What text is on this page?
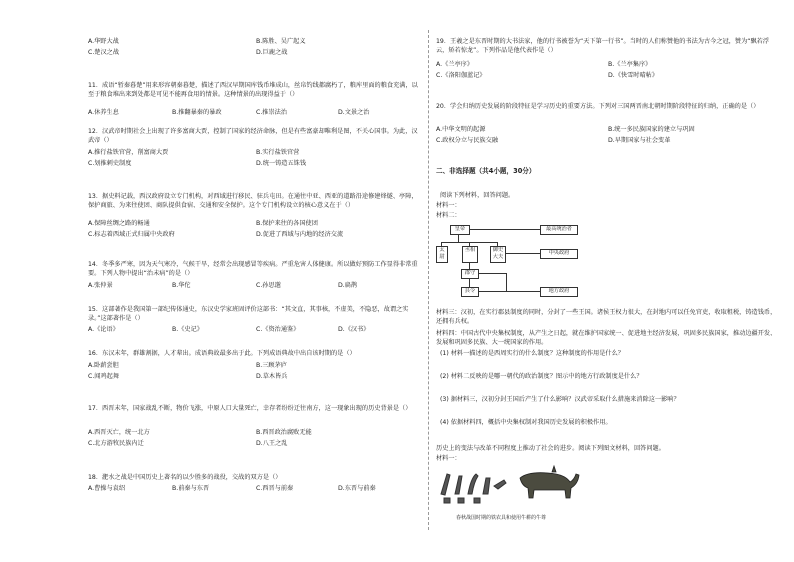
A.华野大战	B.陈胜、吴广起义
C.楚汉之战	D.巨鹿之战
11．成语“暂秦暮楚”用来形容朝秦暮楚，描述了西汉早期国库钱币堆成山，丝帛钓线都腐朽了，粮库里面的粮食充满，以至于粮食堆出来到处都是可见不能再食用的情景。这种情景的出现得益于（）
A.休养生息	B.推翻暴秦的暴政	C.推崇法治	D.文景之治
12．汉武帝时期社会上出现了许多富商大贾，控制了国家的经济命脉，但是有些富豪却唯利是图，不关心国事。为此，汉武帝（）
A.推行盐铁官营，削富商大贾	B.实行盐铁官营
C.划推刺史制度	D.统一铸造五铢钱
13．据史料记载，西汉政府设立专门机构，对西域进行移民、驻兵屯田。在通往中亚、西亚的道路沿途修建烽燧、亭障，保护商旅、为来往使团、商队提供食宿、交通和安全保护。这个专门机构设立的核心意义在于（）
A.保障丝绸之路的畅通	B.保护来往的各国使团
C.标志着西域正式归属中央政府	D.促进了西域与内地的经济交流
14．冬季多严寒，因为天气寒冷，气候干旱，经常会出现感冒等疾病。严重危害人体健康。所以做好预防工作显得非常重要。下列人物中提出“治未病”的是（）
A.张仲景	B.华佗	C.孙思邈	D.扁鹊
15．这部著作是我国第一部纪传体通史，东汉史学家班固评价这部书：“其文直，其事核，不虚美，不隐恶，故谓之实录。”这部著作是（）
A.《论语》	B.《史记》	C.《资治通鉴》	D.《汉书》
16．东汉末年，群雄割据，人才辈出。成语典故最多出于此。下列成语典故中出自该时期的是（）
A.卧薪尝胆	B.三顾茅庐
C.闻鸡起舞	D.草木皆兵
17．西晋末年，国家战乱不断，物价飞涨，中原人口大量死亡，幸存者纷纷迁往南方，这一现象出现的历史背景是（）
A.西晋灭亡，统一北方	B.西晋政治腐败无能
C.北方游牧民族内迁	D.八王之乱
18．淝水之战是中国历史上著名的以少胜多的战役，交战的双方是（）
A.曹操与袁绍	B.前秦与东晋	C.西晋与前秦	D.东晋与前秦
19．王羲之是东晋时期的大书法家，他的行书被誉为“天下第一行书”。当时的人们称赞他的书法为古今之冠，赞为“飘若浮云，矫若惊龙”。下列作品是他代表作是（）
A.《兰亭序》	B.《兰亭集序》
C.《洛阳伽蓝记》	D.《快雪时晴帖》
20．学会归纳历史发展的阶段特征是学习历史的重要方法。下列对三国两晋南北朝时期阶段特征的归纳，正确的是（）
A.中华文明的起源	B.统一多民族国家的建立与巩固
C.政权分立与民族交融	D.早期国家与社会变革
二、非选择题（共4小题，30分）
阅读下列材料，回答问题。
材料一：
材料二：
皇帝	最高统治者
太尉
丞相	御史大夫
中央政府
郡守
县令	地方政府
材料三：汉初，在实行郡县制度的同时，分封了一些王国。诸侯王权力很大，在封地内可以任免官吏，收取租税，铸造钱币，还拥有兵权。
材料四：中国古代中央集权制度，从产生之日起，就在维护国家统一、促进地主经济发展，巩固多民族国家，推动边疆开发、发展和巩固多民族、大一统国家的作用。
(1) 材料一描述的是西周实行的什么制度？这种制度的作用是什么？
(2) 材料二反映的是哪一朝代的政治制度？图示中的地方行政制度是什么？
(3) 据材料三，汉初分封王国后产生了什么影响？汉武帝采取什么措施来消除这一影响？
(4) 依据材料四，概括中央集权制对我国历史发展的积极作用。
历史上的变法与改革不同程度上推动了社会的进步。阅读下列图文材料，回答问题。
材料一：
春秋战国时期的铁农具和使用牛耕的牛尊
